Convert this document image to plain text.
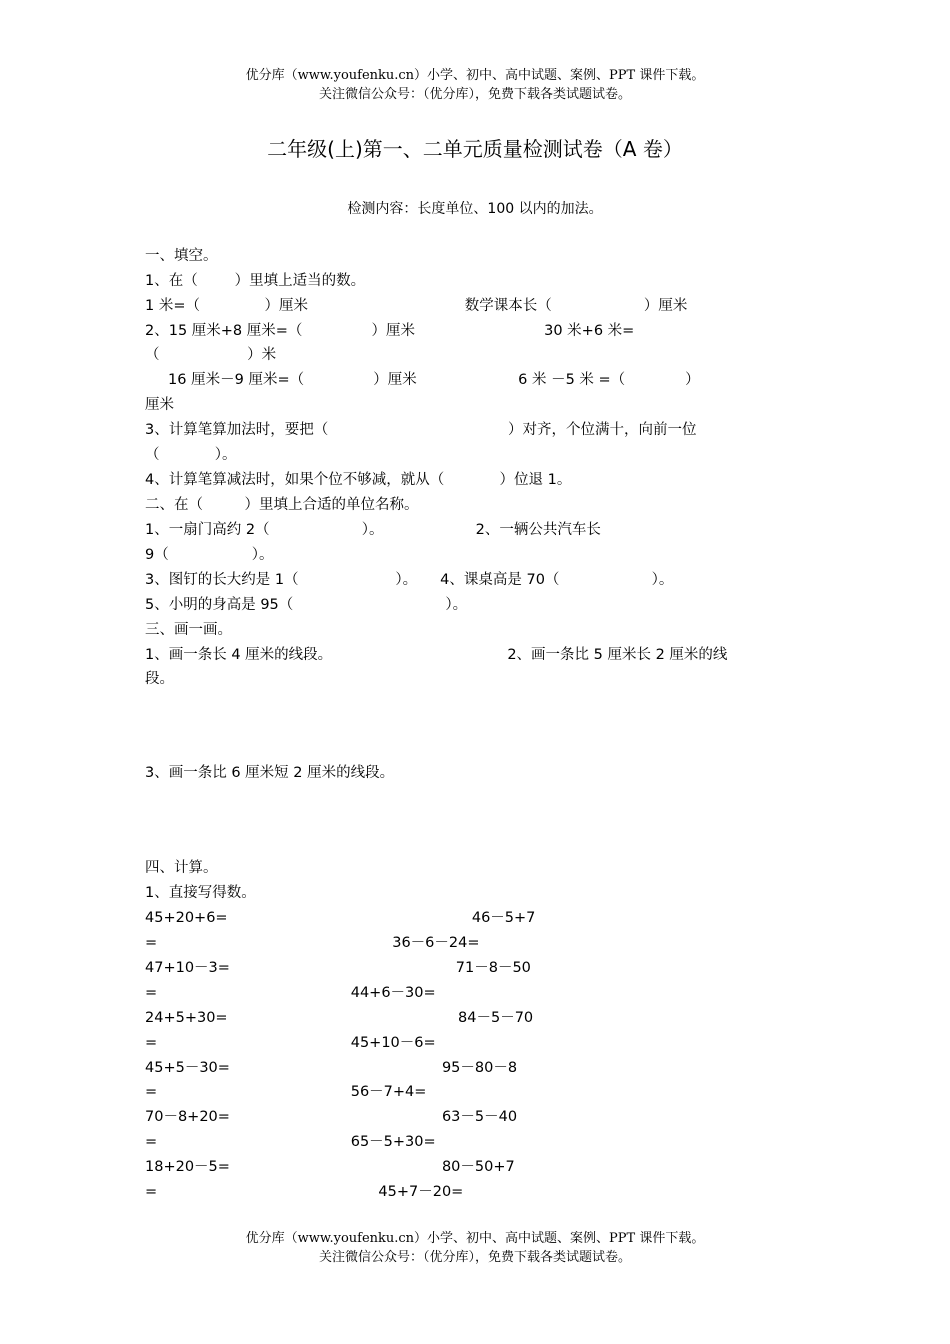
优分库（www.youfenku.cn）小学、初中、高中试题、案例、PPT 课件下载。
关注微信公众号：（优分库），免费下载各类试题试卷。
二年级(上)第一、二单元质量检测试卷（A 卷）
检测内容：长度单位、100 以内的加法。
一、填空。
1、在（        ）里填上适当的数。
1 米=（              ）厘米                                  数学课本长（                    ）厘米
2、15 厘米+8 厘米=（               ）厘米                            30 米+6 米=
（                   ）米
16 厘米－9 厘米=（               ）厘米                      6 米 －5 米 =（             ）
厘米
3、计算笔算加法时，要把（                                       ）对齐，个位满十，向前一位
（            ）。
4、计算笔算减法时，如果个位不够减，就从（            ）位退 1。
二、在（         ）里填上合适的单位名称。
1、一扇门高约 2（                    ）。                    2、一辆公共汽车长
9（                  ）。
3、图钉的长大约是 1（                     ）。     4、课桌高是 70（                    ）。
5、小明的身高是 95（                                 ）。
三、画一画。
1、画一条长 4 厘米的线段。                                      2、画一条比 5 厘米长 2 厘米的线
段。
3、画一条比 6 厘米短 2 厘米的线段。
四、计算。
1、直接写得数。
45+20+6=                                                     46－5+7
=                                                   36－6－24=
47+10－3=                                                 71－8－50
=                                          44+6－30=
24+5+30=                                                  84－5－70
=                                          45+10－6=
45+5－30=                                              95－80－8
=                                          56－7+4=
70－8+20=                                              63－5－40
=                                          65－5+30=
18+20－5=                                              80－50+7
=                                                45+7－20=
优分库（www.youfenku.cn）小学、初中、高中试题、案例、PPT 课件下载。
关注微信公众号：（优分库），免费下载各类试题试卷。
